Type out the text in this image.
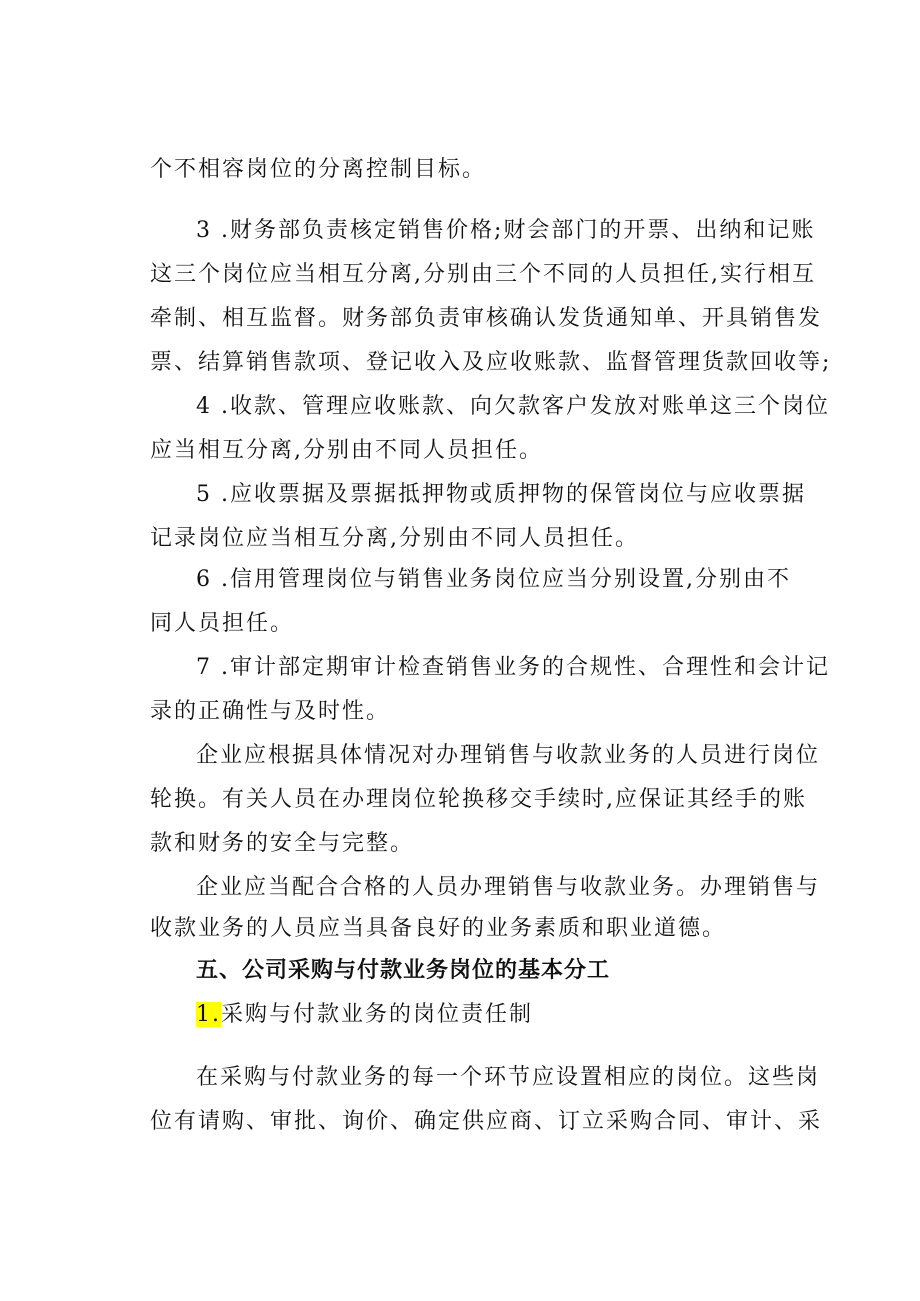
个不相容岗位的分离控制目标。
3 .财务部负责核定销售价格;财会部门的开票、出纳和记账
这三个岗位应当相互分离,分别由三个不同的人员担任,实行相互
牵制、相互监督。财务部负责审核确认发货通知单、开具销售发
票、结算销售款项、登记收入及应收账款、监督管理货款回收等;
4 .收款、管理应收账款、向欠款客户发放对账单这三个岗位
应当相互分离,分别由不同人员担任。
5 .应收票据及票据抵押物或质押物的保管岗位与应收票据
记录岗位应当相互分离,分别由不同人员担任。
6 .信用管理岗位与销售业务岗位应当分别设置,分别由不
同人员担任。
7 .审计部定期审计检查销售业务的合规性、合理性和会计记
录的正确性与及时性。
企业应根据具体情况对办理销售与收款业务的人员进行岗位
轮换。有关人员在办理岗位轮换移交手续时,应保证其经手的账
款和财务的安全与完整。
企业应当配合合格的人员办理销售与收款业务。办理销售与
收款业务的人员应当具备良好的业务素质和职业道德。
五、公司采购与付款业务岗位的基本分工
1.采购与付款业务的岗位责任制
在采购与付款业务的每一个环节应设置相应的岗位。这些岗
位有请购、审批、询价、确定供应商、订立采购合同、审计、采
